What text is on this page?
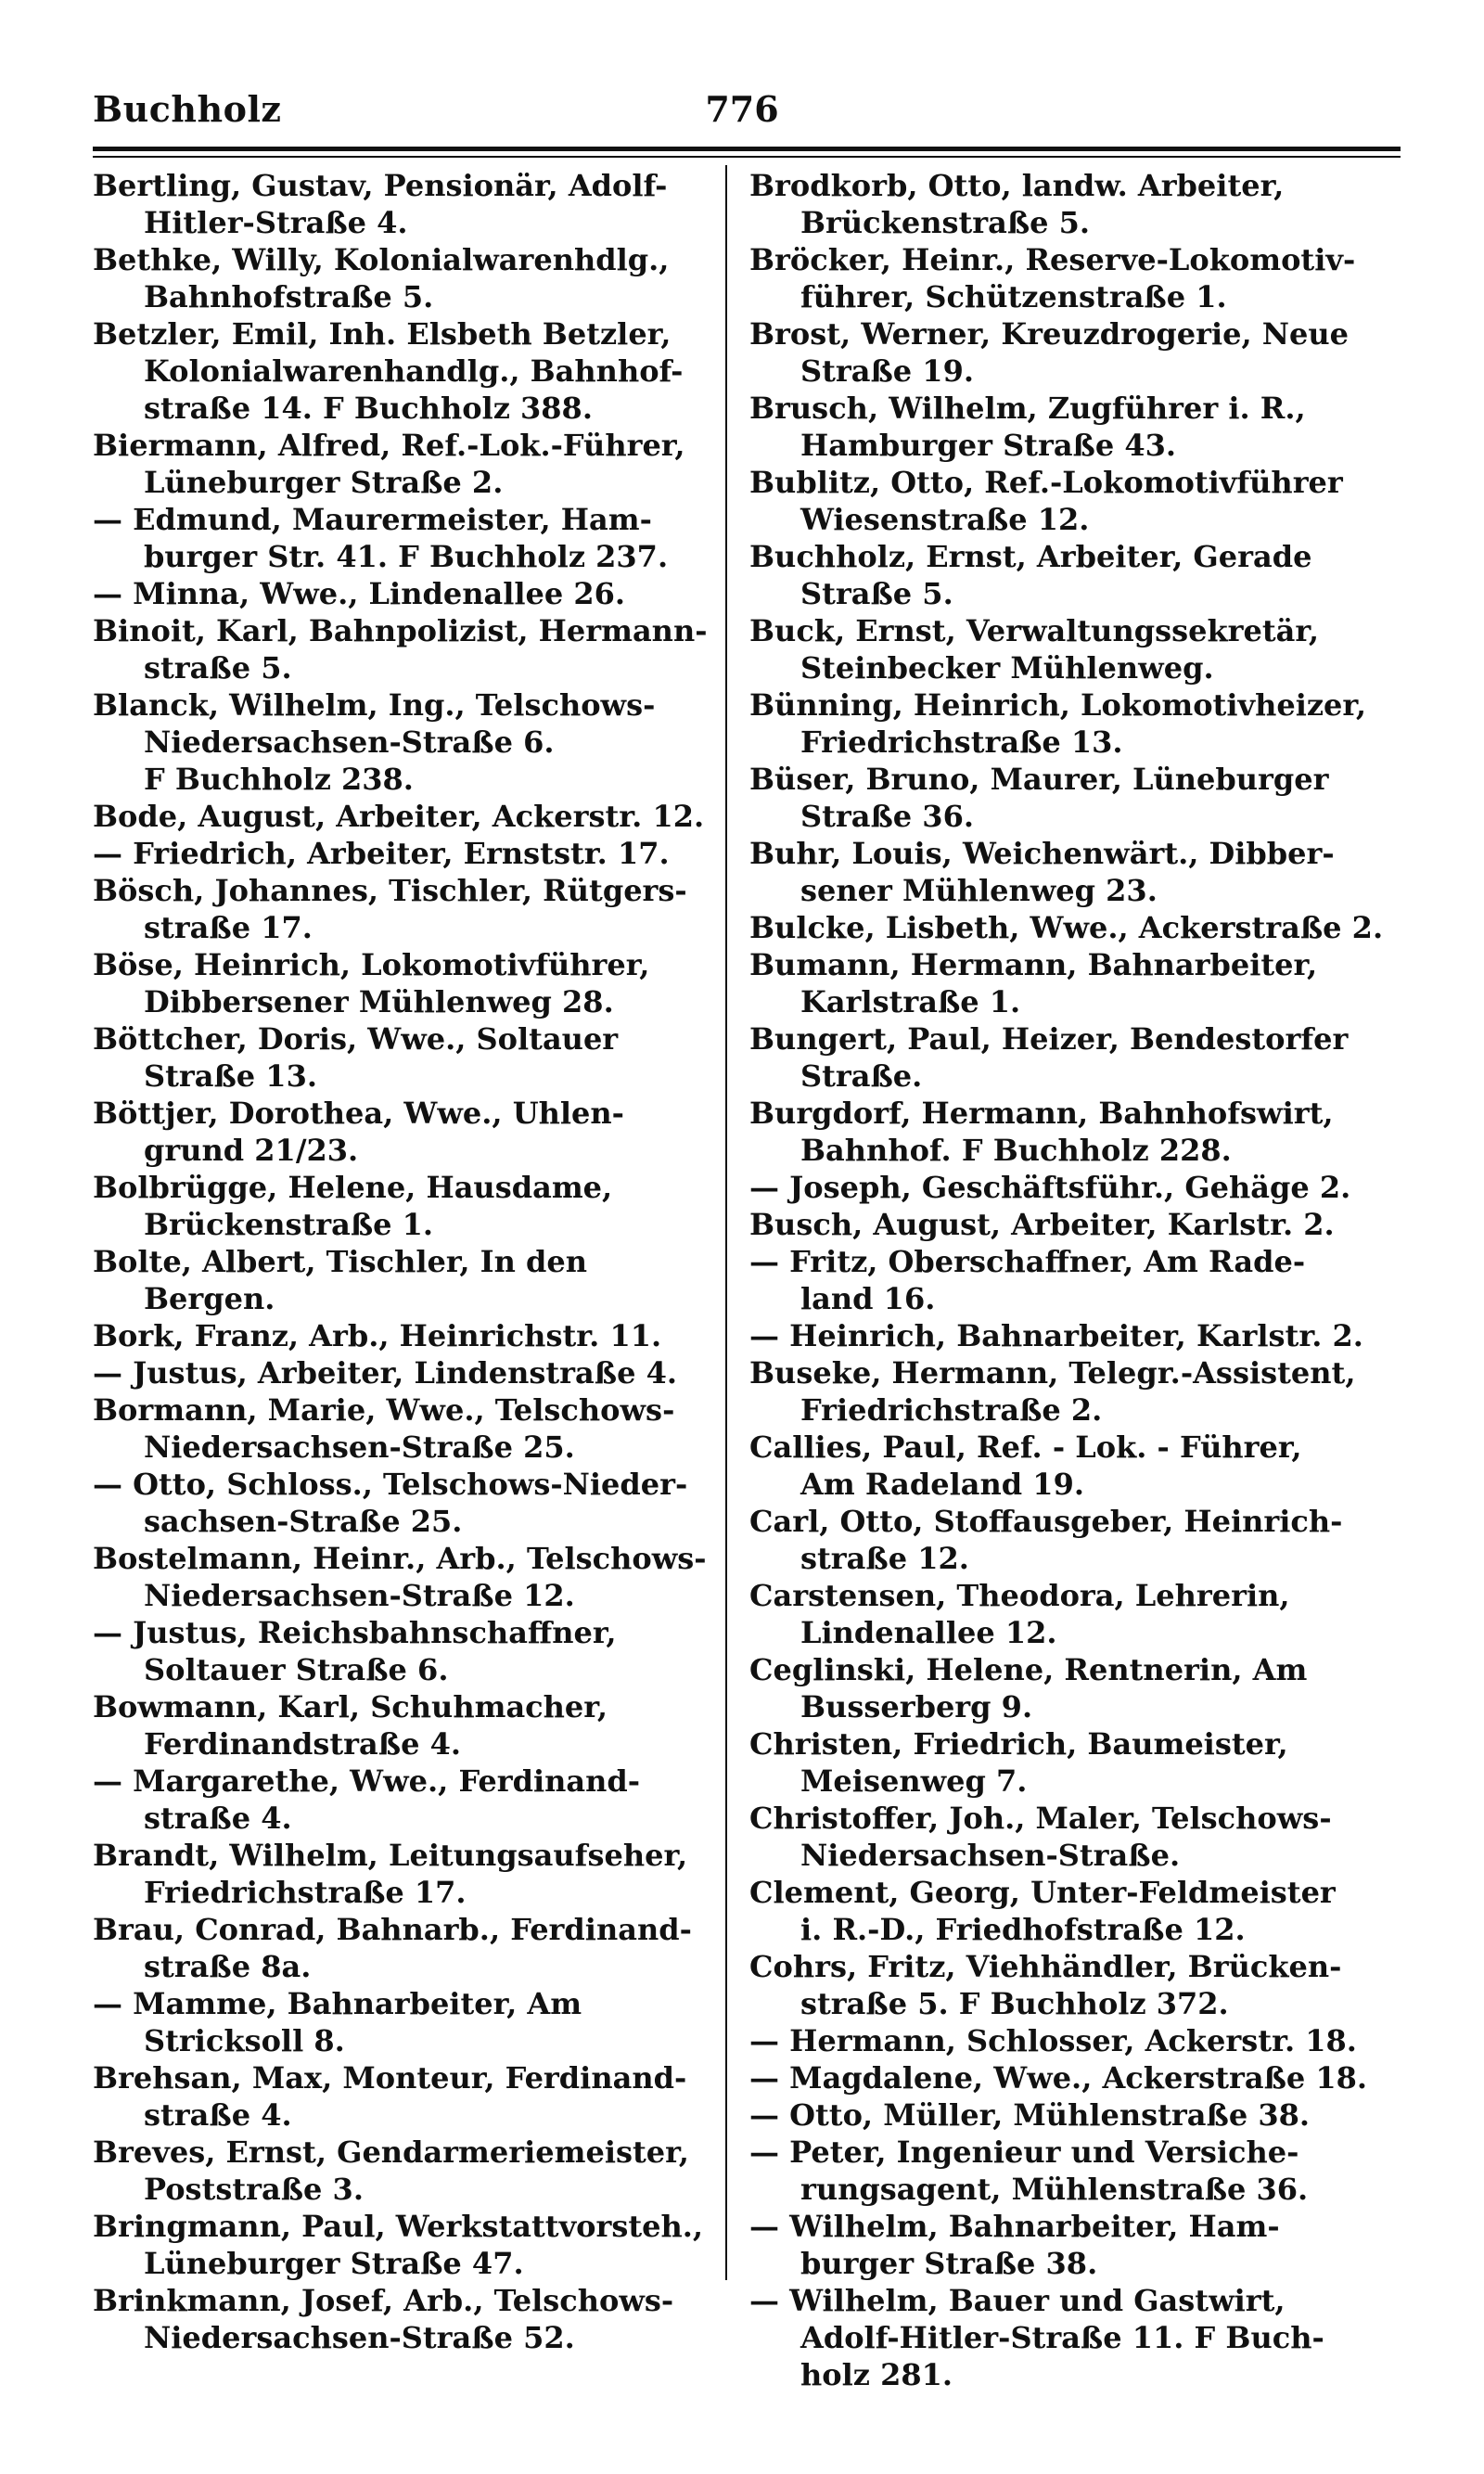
Buchholz	776
Bertling, Gustav, Pensionär, Adolf-
Hitler-Straße 4.
Bethke, Willy, Kolonialwarenhdlg.,
Bahnhofstraße 5.
Betzler, Emil, Inh. Elsbeth Betzler,
Kolonialwarenhandlg., Bahnhof-
straße 14. F Buchholz 388.
Biermann, Alfred, Ref.-Lok.-Führer,
Lüneburger Straße 2.
— Edmund, Maurermeister, Ham-
burger Str. 41. F Buchholz 237.
— Minna, Wwe., Lindenallee 26.
Binoit, Karl, Bahnpolizist, Hermann-
straße 5.
Blanck, Wilhelm, Ing., Telschows-
Niedersachsen-Straße 6.
F Buchholz 238.
Bode, August, Arbeiter, Ackerstr. 12.
— Friedrich, Arbeiter, Ernststr. 17.
Bösch, Johannes, Tischler, Rütgers-
straße 17.
Böse, Heinrich, Lokomotivführer,
Dibbersener Mühlenweg 28.
Böttcher, Doris, Wwe., Soltauer
Straße 13.
Böttjer, Dorothea, Wwe., Uhlen-
grund 21/23.
Bolbrügge, Helene, Hausdame,
Brückenstraße 1.
Bolte, Albert, Tischler, In den
Bergen.
Bork, Franz, Arb., Heinrichstr. 11.
— Justus, Arbeiter, Lindenstraße 4.
Bormann, Marie, Wwe., Telschows-
Niedersachsen-Straße 25.
— Otto, Schloss., Telschows-Nieder-
sachsen-Straße 25.
Bostelmann, Heinr., Arb., Telschows-
Niedersachsen-Straße 12.
— Justus, Reichsbahnschaffner,
Soltauer Straße 6.
Bowmann, Karl, Schuhmacher,
Ferdinandstraße 4.
— Margarethe, Wwe., Ferdinand-
straße 4.
Brandt, Wilhelm, Leitungsaufseher,
Friedrichstraße 17.
Brau, Conrad, Bahnarb., Ferdinand-
straße 8a.
— Mamme, Bahnarbeiter, Am
Stricksoll 8.
Brehsan, Max, Monteur, Ferdinand-
straße 4.
Breves, Ernst, Gendarmeriemeister,
Poststraße 3.
Bringmann, Paul, Werkstattvorsteh.,
Lüneburger Straße 47.
Brinkmann, Josef, Arb., Telschows-
Niedersachsen-Straße 52.
Brodkorb, Otto, landw. Arbeiter,
Brückenstraße 5.
Bröcker, Heinr., Reserve-Lokomotiv-
führer, Schützenstraße 1.
Brost, Werner, Kreuzdrogerie, Neue
Straße 19.
Brusch, Wilhelm, Zugführer i. R.,
Hamburger Straße 43.
Bublitz, Otto, Ref.-Lokomotivführer
Wiesenstraße 12.
Buchholz, Ernst, Arbeiter, Gerade
Straße 5.
Buck, Ernst, Verwaltungssekretär,
Steinbecker Mühlenweg.
Bünning, Heinrich, Lokomotivheizer,
Friedrichstraße 13.
Büser, Bruno, Maurer, Lüneburger
Straße 36.
Buhr, Louis, Weichenwärt., Dibber-
sener Mühlenweg 23.
Bulcke, Lisbeth, Wwe., Ackerstraße 2.
Bumann, Hermann, Bahnarbeiter,
Karlstraße 1.
Bungert, Paul, Heizer, Bendestorfer
Straße.
Burgdorf, Hermann, Bahnhofswirt,
Bahnhof. F Buchholz 228.
— Joseph, Geschäftsführ., Gehäge 2.
Busch, August, Arbeiter, Karlstr. 2.
— Fritz, Oberschaffner, Am Rade-
land 16.
— Heinrich, Bahnarbeiter, Karlstr. 2.
Buseke, Hermann, Telegr.-Assistent,
Friedrichstraße 2.
Callies, Paul, Ref. - Lok. - Führer,
Am Radeland 19.
Carl, Otto, Stoffausgeber, Heinrich-
straße 12.
Carstensen, Theodora, Lehrerin,
Lindenallee 12.
Ceglinski, Helene, Rentnerin, Am
Busserberg 9.
Christen, Friedrich, Baumeister,
Meisenweg 7.
Christoffer, Joh., Maler, Telschows-
Niedersachsen-Straße.
Clement, Georg, Unter-Feldmeister
i. R.-D., Friedhofstraße 12.
Cohrs, Fritz, Viehhändler, Brücken-
straße 5. F Buchholz 372.
— Hermann, Schlosser, Ackerstr. 18.
— Magdalene, Wwe., Ackerstraße 18.
— Otto, Müller, Mühlenstraße 38.
— Peter, Ingenieur und Versiche-
rungsagent, Mühlenstraße 36.
— Wilhelm, Bahnarbeiter, Ham-
burger Straße 38.
— Wilhelm, Bauer und Gastwirt,
Adolf-Hitler-Straße 11. F Buch-
holz 281.
